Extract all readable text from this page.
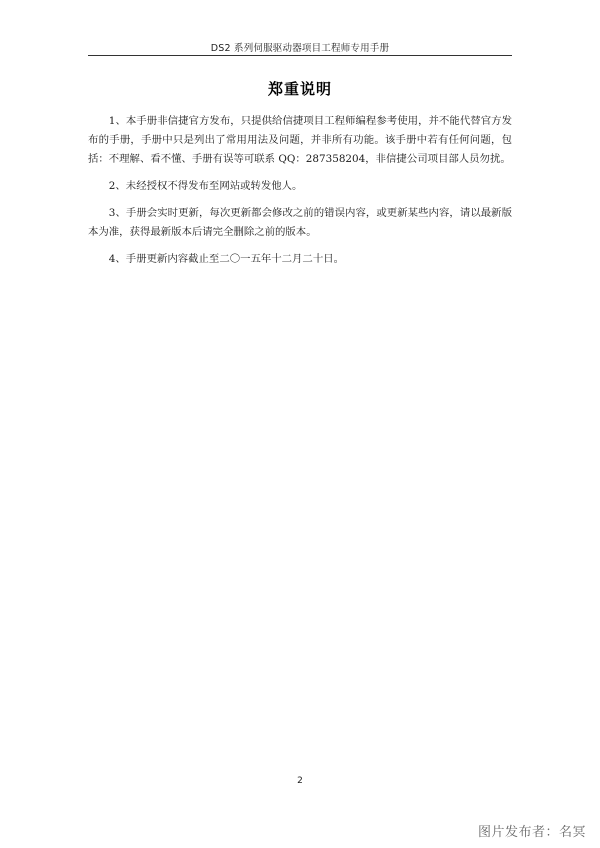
DS2 系列伺服驱动器项目工程师专用手册
郑重说明

1、本手册非信捷官方发布，只提供给信捷项目工程师编程参考使用，并不能代替官方发布的手册，手册中只是列出了常用用法及问题，并非所有功能。该手册中若有任何问题，包括：不理解、看不懂、手册有误等可联系 QQ：287358204，非信捷公司项目部人员勿扰。

2、未经授权不得发布至网站或转发他人。

3、手册会实时更新，每次更新都会修改之前的错误内容，或更新某些内容，请以最新版本为准，获得最新版本后请完全删除之前的版本。

4、手册更新内容截止至二〇一五年十二月二十日。

2
图片发布者：名冥
